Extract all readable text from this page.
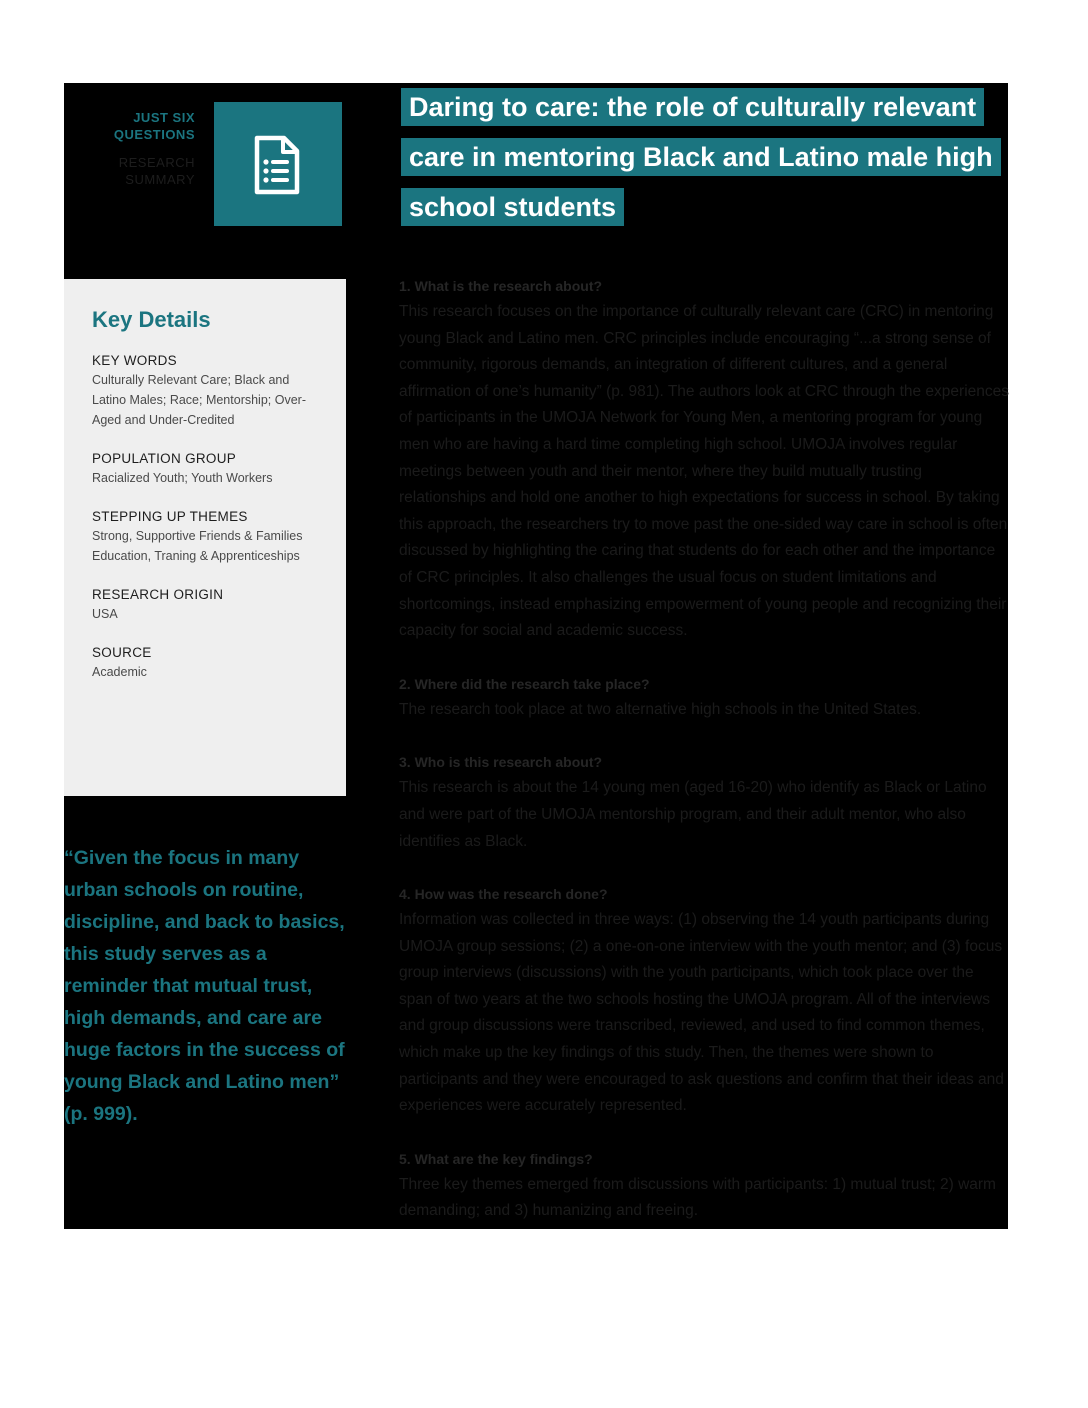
JUST SIX QUESTIONS
RESEARCH SUMMARY
Daring to care: the role of culturally relevant
care in mentoring Black and Latino male high
school students
Key Details
KEY WORDS
Culturally Relevant Care; Black and Latino Males; Race; Mentorship; Over-Aged and Under-Credited
POPULATION GROUP
Racialized Youth; Youth Workers
STEPPING UP THEMES
Strong, Supportive Friends & Families Education, Traning & Apprenticeships
RESEARCH ORIGIN
USA
SOURCE
Academic
“Given the focus in many urban schools on routine, discipline, and back to basics, this study serves as a reminder that mutual trust, high demands, and care are huge factors in the success of young Black and Latino men” (p. 999).
1. What is the research about?
This research focuses on the importance of culturally relevant care (CRC) in mentoring young Black and Latino men. CRC principles include encouraging “...a strong sense of community, rigorous demands, an integration of different cultures, and a general affirmation of one’s humanity” (p. 981). The authors look at CRC through the experiences of participants in the UMOJA Network for Young Men, a mentoring program for young men who are having a hard time completing high school. UMOJA involves regular meetings between youth and their mentor, where they build mutually trusting relationships and hold one another to high expectations for success in school. By taking this approach, the researchers try to move past the one-sided way care in school is often discussed by highlighting the caring that students do for each other and the importance of CRC principles. It also challenges the usual focus on student limitations and shortcomings, instead emphasizing empowerment of young people and recognizing their capacity for social and academic success.
2. Where did the research take place?
The research took place at two alternative high schools in the United States.
3. Who is this research about?
This research is about the 14 young men (aged 16-20) who identify as Black or Latino and were part of the UMOJA mentorship program, and their adult mentor, who also identifies as Black.
4. How was the research done?
Information was collected in three ways: (1) observing the 14 youth participants during UMOJA group sessions; (2) a one-on-one interview with the youth mentor; and (3) focus group interviews (discussions) with the youth participants, which took place over the span of two years at the two schools hosting the UMOJA program. All of the interviews and group discussions were transcribed, reviewed, and used to find common themes, which make up the key findings of this study. Then, the themes were shown to participants and they were encouraged to ask questions and confirm that their ideas and experiences were accurately represented.
5. What are the key findings?
Three key themes emerged from discussions with participants: 1) mutual trust; 2) warm demanding; and 3) humanizing and freeing.
